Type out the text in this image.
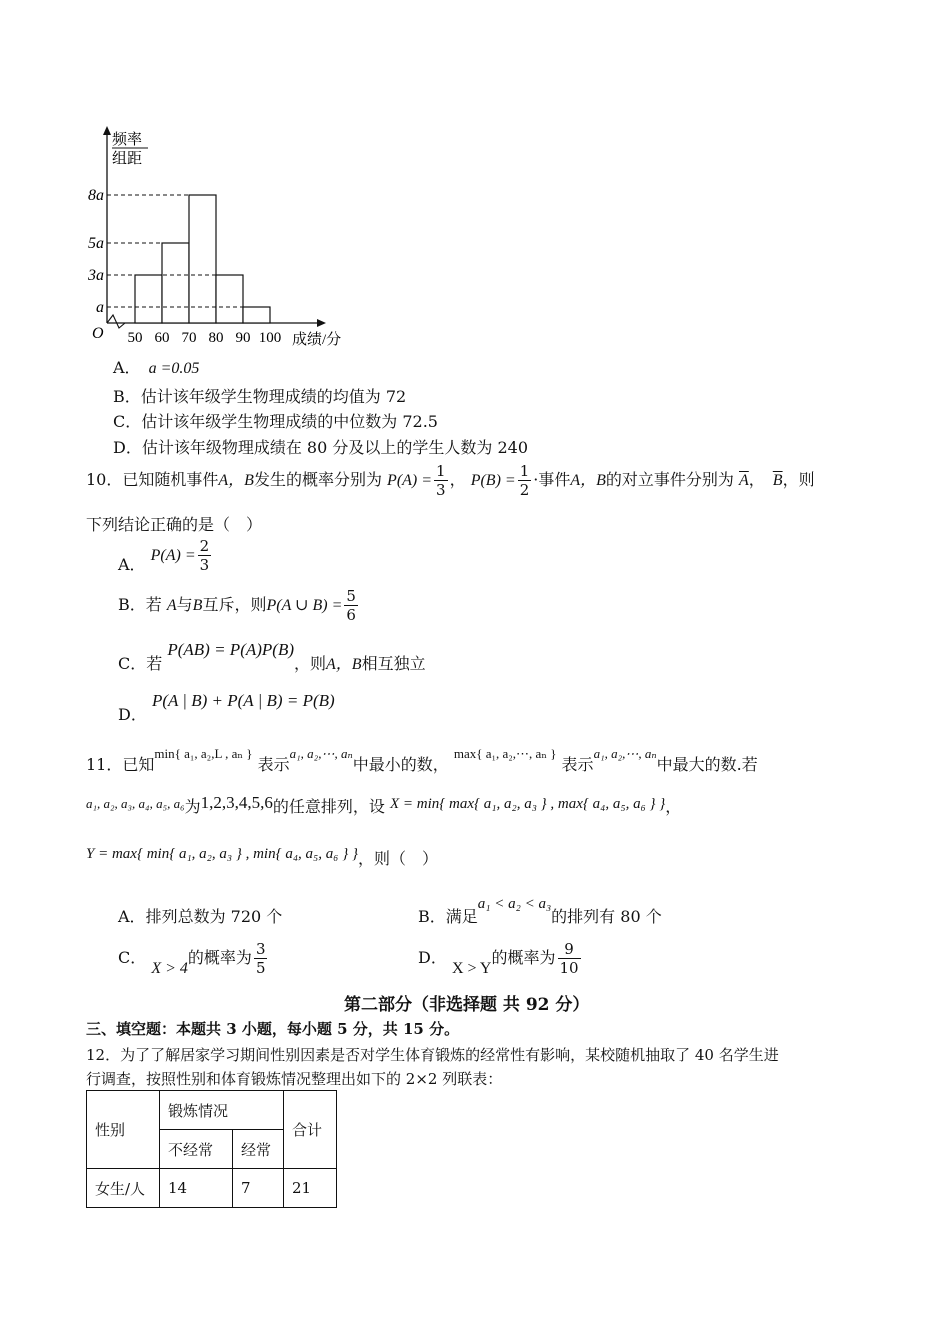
O
频率
组距
成绩/分
8a
5a
3a
a
50 60 70 80 90 100
A． a =0.05
B．估计该年级学生物理成绩的均值为 72
C．估计该年级学生物理成绩的中位数为 72.5
D．估计该年级物理成绩在 80 分及以上的学生人数为 240
10．已知随机事件A，B发生的概率分别为 $P(A) = \frac{1}{3}$ ， $P(B) = \frac{1}{2}$ ·事件A，B的对立事件分别为 $\overline{A}$， $\overline{B}$，则
下列结论正确的是（　）
A． $P(A) = \frac{2}{3}$
B．若 A与B互斥，则P(A ∪ $B) = \frac{5}{6}$
C．若 P(AB) = P(A)P(B)，则A，B相互独立
D． P(A | B) + P(A | B) = P(B)
11．已知min{ a₁, a₂,L , aₙ } 表示a₁, a₂,⋯, aₙ中最小的数， max{ a₁, a₂,⋯, aₙ } 表示a₁, a₂,⋯, aₙ中最大的数.若
a₁, a₂, a₃, a₄, a₅, a₆为1,2,3,4,5,6的任意排列，设 X = min{ max{ a₁, a₂, a₃ } , max{ a₄, a₅, a₆ } }，
Y = max{ min{ a₁, a₂, a₃ } , min{ a₄, a₅, a₆ } }，则（　）
A．排列总数为 720 个	B．满足a₁ < a₂ < a₃的排列有 80 个
C． X > 4的概率为 $\frac{3}{5}$	D． X > Y的概率为 $\frac{9}{10}$
第二部分（非选择题 共 92 分）
三、填空题：本题共 3 小题，每小题 5 分，共 15 分。
12．为了了解居家学习期间性别因素是否对学生体育锻炼的经常性有影响，某校随机抽取了 40 名学生进
行调查，按照性别和体育锻炼情况整理出如下的 2×2 列联表：
性别	锻炼情况		合计
	不经常	经常	
女生/人	14	7	21
